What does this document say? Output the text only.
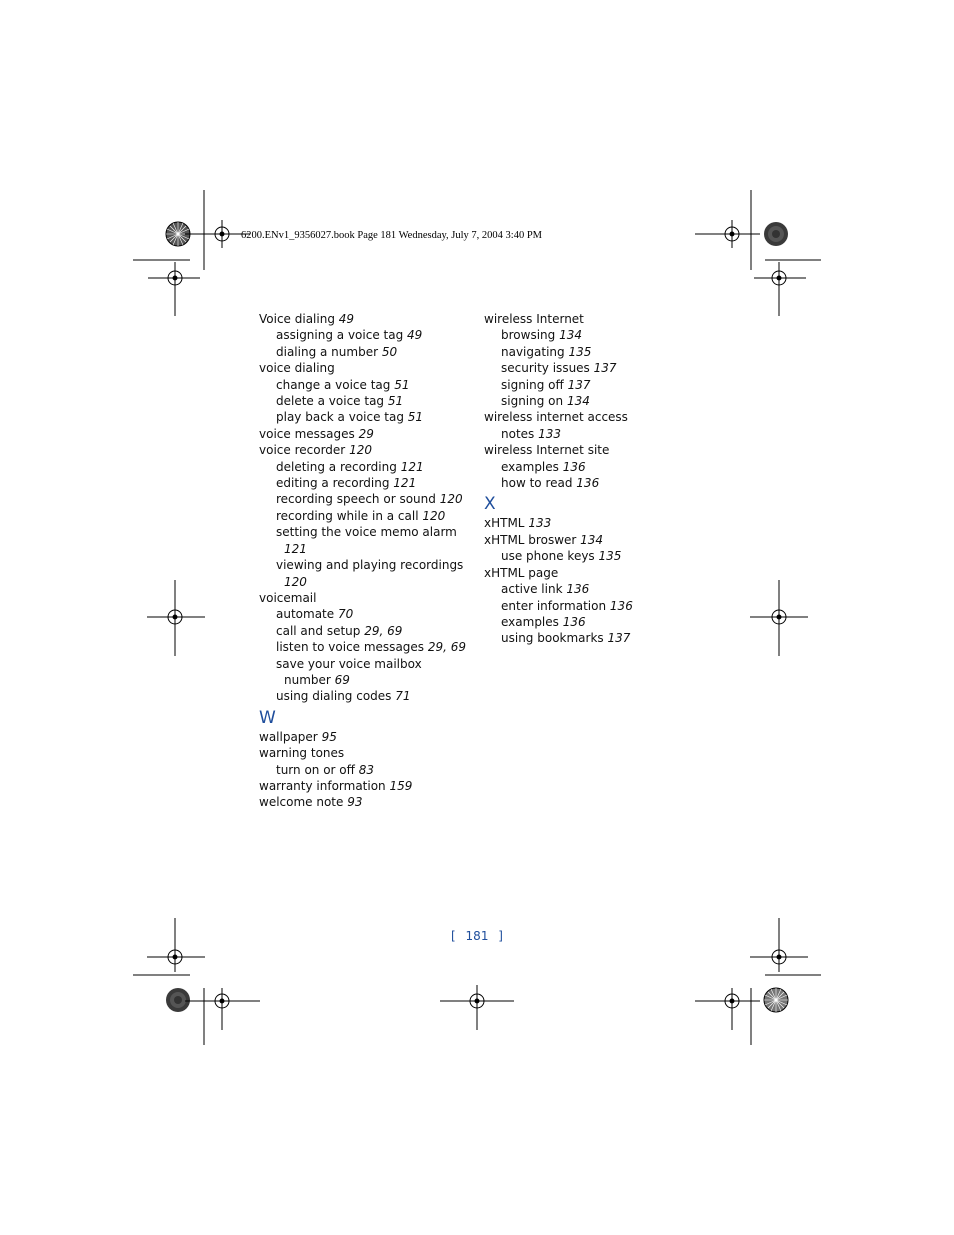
6200.ENv1_9356027.book Page 181 Wednesday, July 7, 2004 3:40 PM
Voice dialing 49
assigning a voice tag 49
dialing a number 50
voice dialing
change a voice tag 51
delete a voice tag 51
play back a voice tag 51
voice messages 29
voice recorder 120
deleting a recording 121
editing a recording 121
recording speech or sound 120
recording while in a call 120
setting the voice memo alarm
121
viewing and playing recordings
120
voicemail
automate 70
call and setup 29, 69
listen to voice messages 29, 69
save your voice mailbox
number 69
using dialing codes 71
W
wallpaper 95
warning tones
turn on or off 83
warranty information 159
welcome note 93
wireless Internet
browsing 134
navigating 135
security issues 137
signing off 137
signing on 134
wireless internet access
notes 133
wireless Internet site
examples 136
how to read 136
X
xHTML 133
xHTML broswer 134
use phone keys 135
xHTML page
active link 136
enter information 136
examples 136
using bookmarks 137
[ 181 ]
